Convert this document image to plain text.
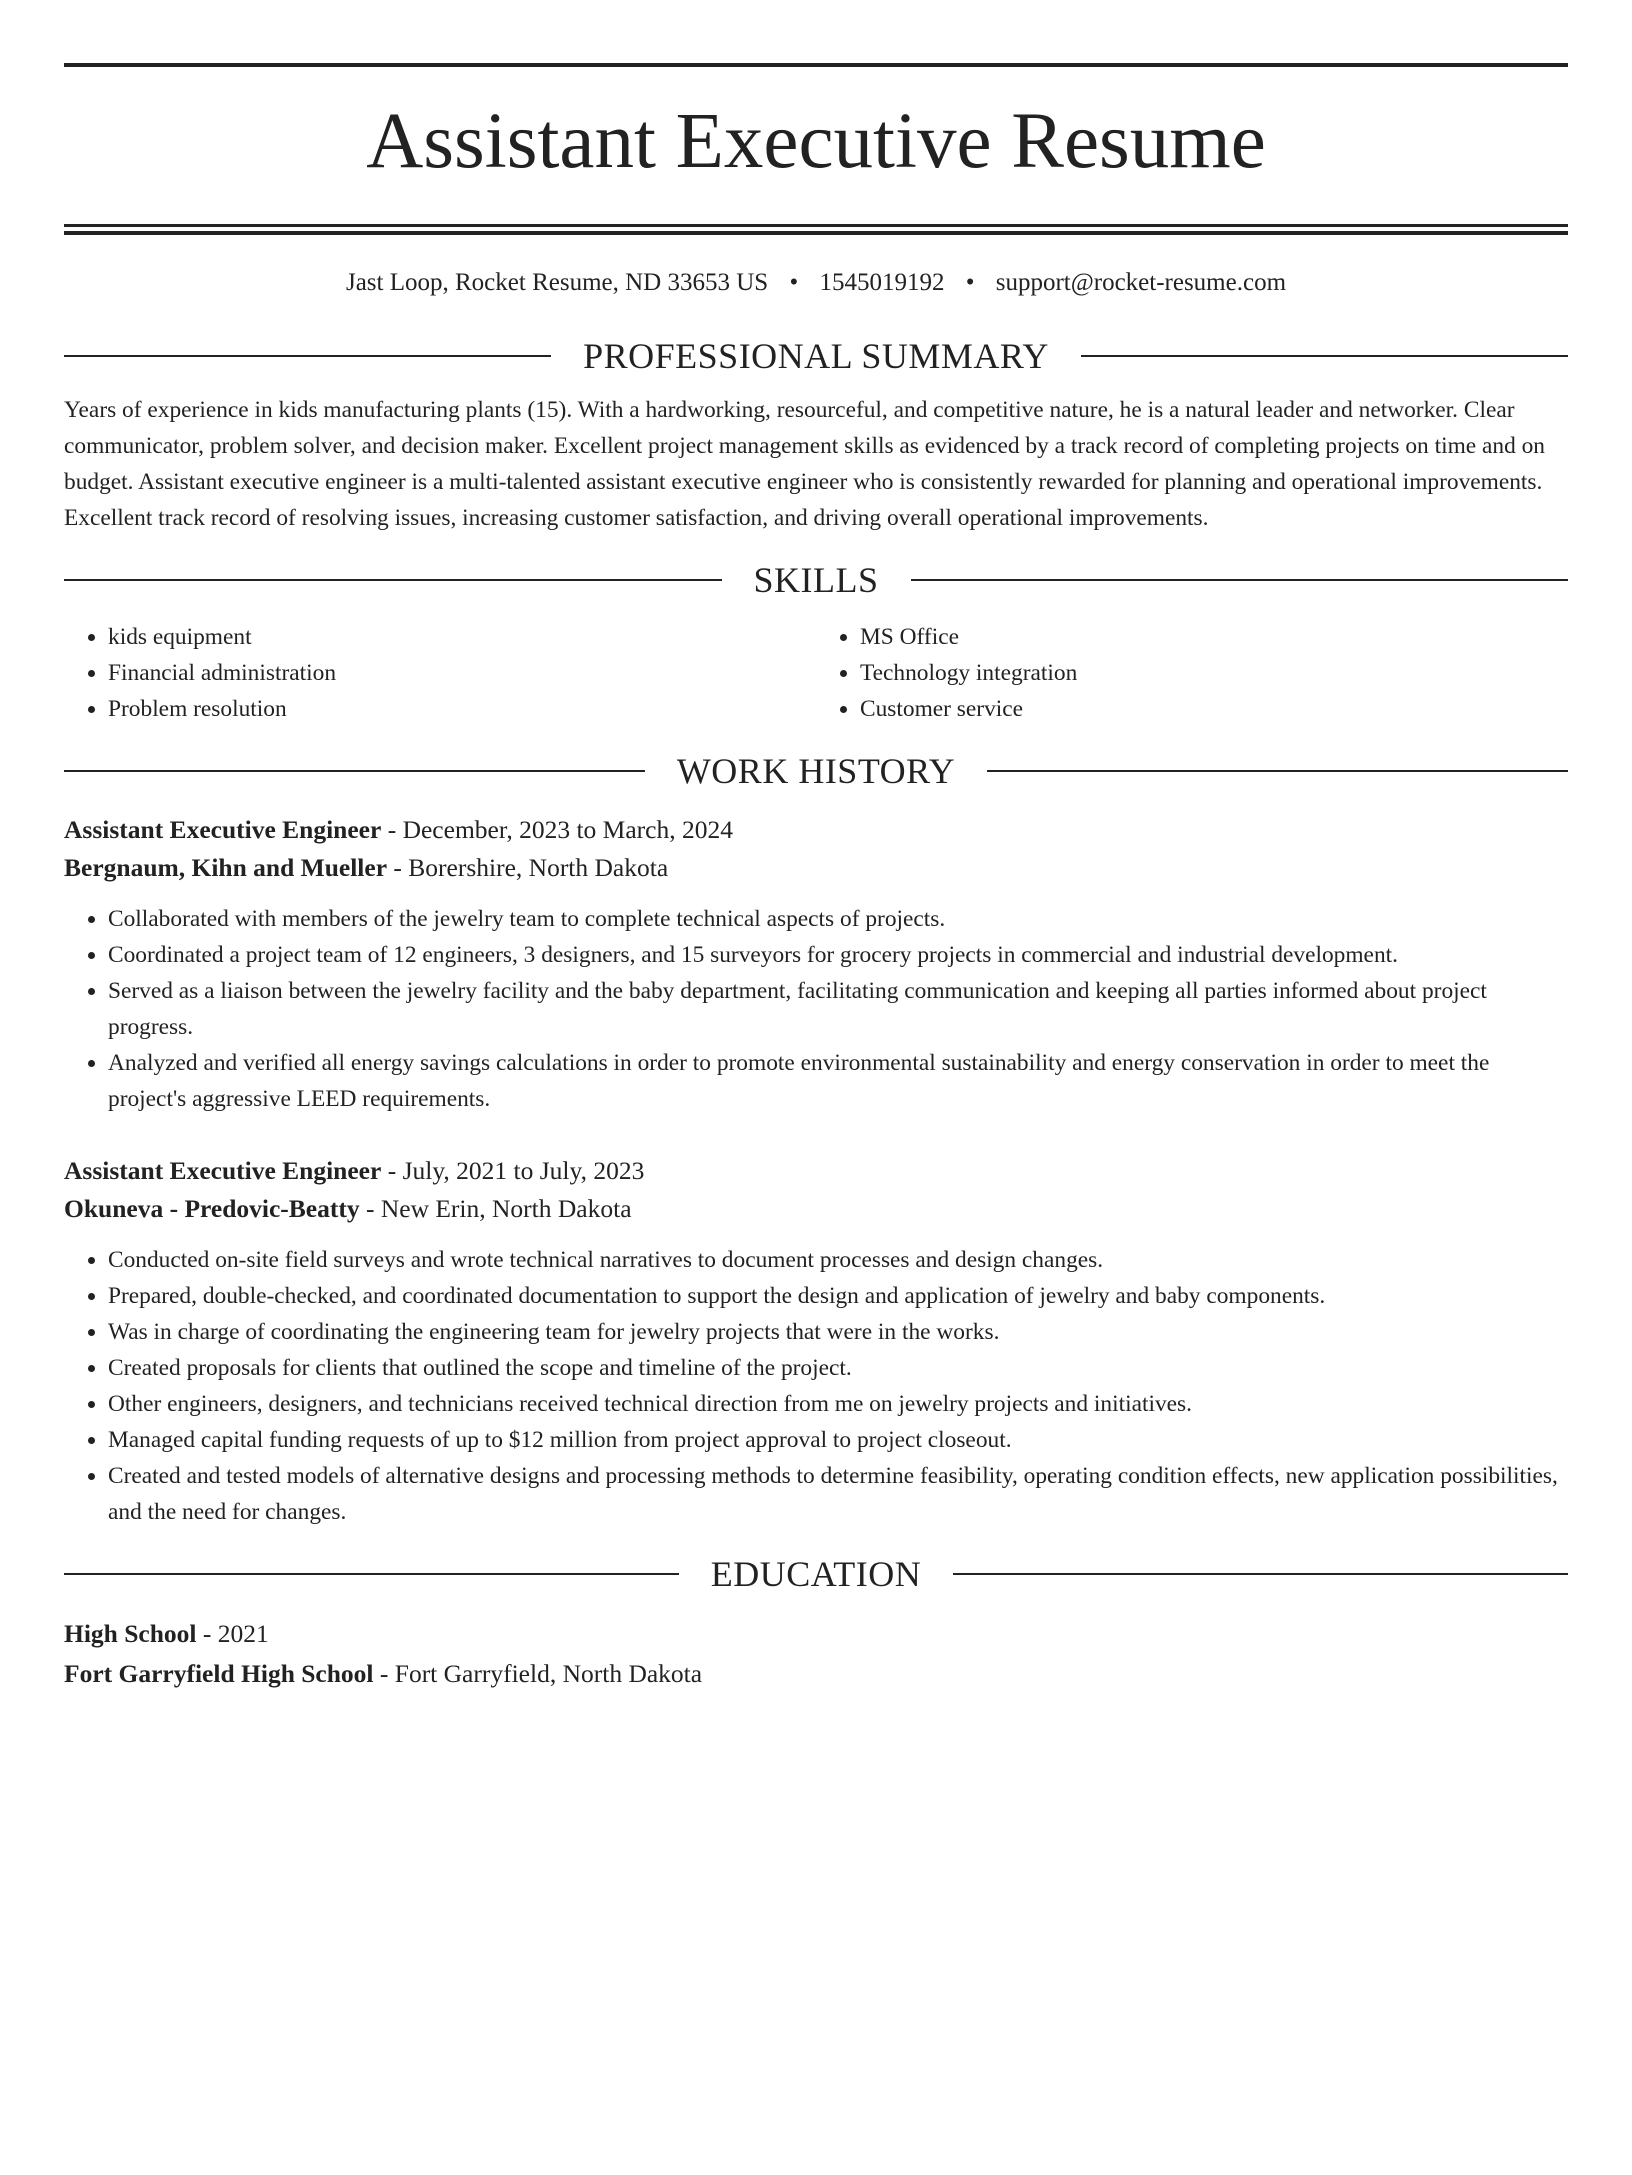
Assistant Executive Resume
Jast Loop, Rocket Resume, ND 33653 US • 1545019192 • support@rocket-resume.com
PROFESSIONAL SUMMARY
Years of experience in kids manufacturing plants (15). With a hardworking, resourceful, and competitive nature, he is a natural leader and networker. Clear communicator, problem solver, and decision maker. Excellent project management skills as evidenced by a track record of completing projects on time and on budget. Assistant executive engineer is a multi-talented assistant executive engineer who is consistently rewarded for planning and operational improvements. Excellent track record of resolving issues, increasing customer satisfaction, and driving overall operational improvements.
SKILLS
• kids equipment
• Financial administration
• Problem resolution
• MS Office
• Technology integration
• Customer service
WORK HISTORY
Assistant Executive Engineer - December, 2023 to March, 2024
Bergnaum, Kihn and Mueller - Borershire, North Dakota
• Collaborated with members of the jewelry team to complete technical aspects of projects.
• Coordinated a project team of 12 engineers, 3 designers, and 15 surveyors for grocery projects in commercial and industrial development.
• Served as a liaison between the jewelry facility and the baby department, facilitating communication and keeping all parties informed about project progress.
• Analyzed and verified all energy savings calculations in order to promote environmental sustainability and energy conservation in order to meet the project's aggressive LEED requirements.
Assistant Executive Engineer - July, 2021 to July, 2023
Okuneva - Predovic-Beatty - New Erin, North Dakota
• Conducted on-site field surveys and wrote technical narratives to document processes and design changes.
• Prepared, double-checked, and coordinated documentation to support the design and application of jewelry and baby components.
• Was in charge of coordinating the engineering team for jewelry projects that were in the works.
• Created proposals for clients that outlined the scope and timeline of the project.
• Other engineers, designers, and technicians received technical direction from me on jewelry projects and initiatives.
• Managed capital funding requests of up to $12 million from project approval to project closeout.
• Created and tested models of alternative designs and processing methods to determine feasibility, operating condition effects, new application possibilities, and the need for changes.
EDUCATION
High School - 2021
Fort Garryfield High School - Fort Garryfield, North Dakota
